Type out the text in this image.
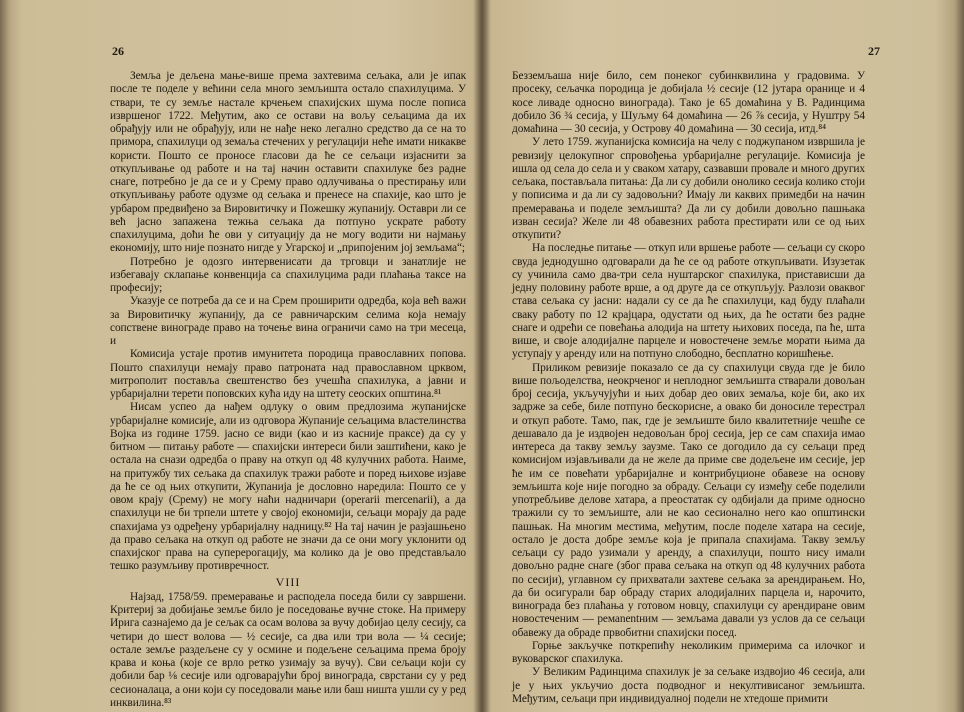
26

Земља је дељена мање-више према захтевима сељака, али је ипак после те поделе у већини села много земљишта остало спахилуцима. У ствари, те су земље настале крчењем спахијских шума после пописа извршеног 1722. Међутим, ако се остави на вољу сељацима да их обрађују или не обрађују, или не нађе неко легално средство да се на то примора, спахилуци од земаља стечених у регулацији неће имати никакве користи. Пошто се проносе гласови да ће се сељаци изјаснити за откупљивање од работе и на тај начин оставити спахилуке без радне снаге, потребно је да се и у Срему право одлучивања о престирању или откупљивању работе одузме од сељака и пренесе на спахије, као што је урбаром предвиђено за Вировитичку и Пожешку жупанију. Оставри ли се већ јасно запажена тежња сељака да потпуно ускрате работу спахилуцима, доћи ће ови у ситуацију да не могу водити ни најмању економију, што није познато нигде у Угарској и „припојеним јој земљама“;

Потребно је одозго интервенисати да трговци и занатлије не избегавају склапање конвенција са спахилуцима ради плаћања таксе на професију;

Указује се потреба да се и на Срем проширити одредба, која већ важи за Вировитичку жупанију, да се равничарским селима која немају сопствене винограде право на точење вина ограничи само на три месеца, и

Комисија устаје против имунитета породица православних попова. Пошто спахилуци немају право патроната над православном црквом, митрополит поставља свештенство без учешћа спахилука, а јавни и урбаријални терети поповских кућа иду на штету сеоских општина.⁸¹

Нисам успео да нађем одлуку о овим предлозима жупанијске урбаријалне комисије, али из одговора Жупаније сељацима властелинства Војка из године 1759. јасно се види (као и из каснијe праксе) да су у битном — питању работе — спахијски интереси били заштићени, како је остала на снази одредба о праву на откуп од 48 кулучних работа. Наиме, на притужбу тих сељака да спахилук тражи работе и поред њихове изјаве да ће се од њих откупити, Жупанија је дословно наредила: Пошто се у овом крају (Срему) не могу наћи надничари (operarii mercenarii), а да спахилуци не би трпели штете у својој економији, сељаци морају да раде спахијама уз одређену урбаријалну надницу.⁸² На тај начин је разјашњено да право сељака на откуп од работе не значи да се они могу уклонити од спахијског права на суперерогацију, ма колико да је ово представљало тешко разумљиву противречност.

VIII

Најзад, 1758/59. премеравање и расподела поседа били су завршени. Критериј за добијање земље било је поседовање вучне стоке. На примеру Ирига сазнајемо да је сељак са осам волова за вучу добијао целу сесију, са четири до шест волова — ½ сесије, са два или три вола — ¼ сесије; остале земље раздељене су у осмине и подељене сељацима према броју крава и коња (које се врло ретко узимају за вучу). Сви сељаци који су добили бар ⅛ сесије или одговарајући број винограда, сврстани су у ред сесионалаца, а они који су поседовали мање или баш ништа ушли су у ред инквилина.⁸³

27

Безземљаша није било, сем понеког субинквилина у градовима. У просеку, сељачка породица је добијала ½ сесије (12 јутара оранице и 4 косе ливаде односно винограда). Тако је 65 домаћина у В. Радинцима добило 36 ¾ сесија, у Шуљму 64 домаћина — 26 ⅞ сесија, у Нуштру 54 домаћина — 30 сесија, у Острову 40 домаћина — 30 сесија, итд.⁸⁴

У лето 1759. жупанијска комисија на челу с поджупаном извршила је ревизију целокупног спровођења урбаријалне регулације. Комисија је ишла од села до села и у сваком хатару, сазвавши провале и много других сељака, постављала питања: Да ли су добили онолико сесија колико стоји у пописима и да ли су задовољни? Имају ли каквих примедби на начин премеравања и поделе земљишта? Да ли су добили довољно пашњака изван сесија? Желе ли 48 обавезних работа престирати или се од њих откупити?

На последње питање — откуп или вршење работе — сељаци су скоро свуда једнодушно одговарали да ће се од работе откупљивати. Изузетак су учинила само два-три села нуштарског спахилука, пристависши да једну половину работе врше, а од друге да се откупљују. Разлози оваквог става сељака су јасни: надали су се да ће спахилуци, кад буду плаћали сваку работу по 12 крајцара, одустати од њих, да ће остати без радне снаге и одрећи се повећања алодија на штету њихових поседа, па ће, шта више, и своје алодијалне парцеле и новостечене земље морати њима да уступају у аренду или на потпуно слободно, бесплатно коришћење.

Приликом ревизије показало се да су спахилуци свуда где је било више пољоделства, неокрченог и неплодног земљишта стварали довољан број сесија, укључујући и њих добар део ових земаља, које би, ако их задрже за себе, биле потпуно бескорисне, а овако би доносиле терестрал и откуп работе. Тамо, пак, где је земљиште било квалитетније чешће се дешавало да је издвојен недовољан број сесија, јер се сам спахија имао интереса да такву земљу заузме. Тако се догодило да су сељаци пред комисијом изјављивали да не желе да приме све додељене им сесије, јер ће им се повећати урбаријалне и контрибуционе обавезе на основу земљишта које није погодно за обраду. Сељаци су између себе поделили употребљиве делове хатара, а преостатак су одбијали да приме односно тражили су то земљиште, али не као сесионално него као општински пашњак. На многим местима, међутим, после поделе хатара на сесије, остало је доста добре земље која је припала спахијама. Такву земљу сељаци су радо узимали у аренду, а спахилуци, пошто нису имали довољно радне снаге (због права сељака на откуп од 48 кулучних работа по сесији), углавном су прихватали захтеве сељака за арендирањем. Но, да би осигурали бар обраду старих алодијалних парцела и, нарочито, винограда без плаћања у готовом новцу, спахилуци су арендиране овим новостеченим — ремаnentним — земљама давали уз услов да се сељаци обавежу да обраде првобитни спахијски посед.

Горње закључке поткрепићу неколиким примерима са илочког и вуковарског спахилука.

У Великим Радинцима спахилук је за сељаке издвојио 46 сесија, али је у њих укључио доста подводног и некултивисаног земљишта. Међутим, сељаци при индивидуалној подели не хтедоше примити
